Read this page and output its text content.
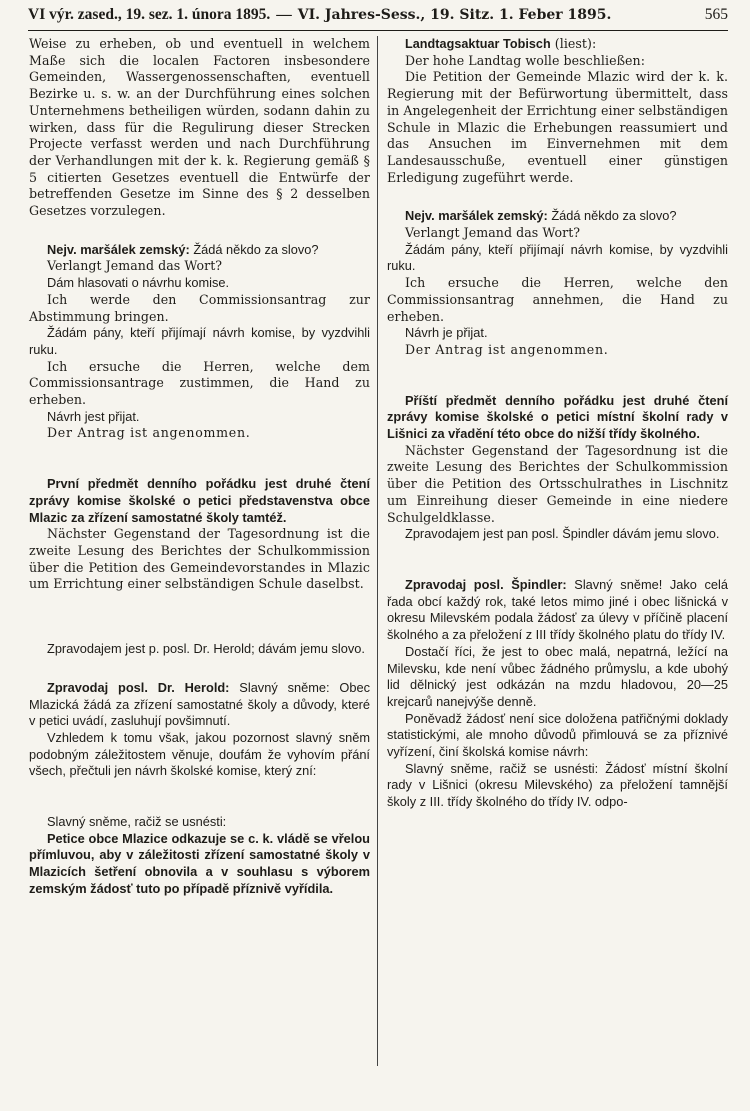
VI výr. zased., 19. sez. 1. února 1895. — VI. Jahres-Sess., 19. Sitz. 1. Feber 1895.	565

Weise zu erheben, ob und eventuell in welchem Maße sich die localen Factoren insbesondere Gemeinden, Wassergenossenschaften, eventuell Bezirke u. s. w. an der Durchführung eines solchen Unternehmens betheiligen würden, sodann dahin zu wirken, dass für die Regulirung dieser Strecken Projecte verfasst werden und nach Durchführung der Verhandlungen mit der k. k. Regierung gemäß § 5 citierten Gesetzes eventuell die Entwürfe der betreffenden Gesetze im Sinne des § 2 desselben Gesetzes vorzulegen.

Nejv. maršálek zemský: Žádá někdo za slovo?

Verlangt Jemand das Wort?

Dám hlasovati o návrhu komise.

Ich werde den Commissionsantrag zur Abstimmung bringen.

Žádám pány, kteří přijímají návrh komise, by vyzdvihli ruku.

Ich ersuche die Herren, welche dem Commissionsantrage zustimmen, die Hand zu erheben.

Návrh jest přijat.

Der Antrag ist angenommen.

První předmět denního pořádku jest druhé čtení zprávy komise školské o petici představenstva obce Mlazic za zřízení samostatné školy tamtéž.

Nächster Gegenstand der Tagesordnung ist die zweite Lesung des Berichtes der Schulkommission über die Petition des Gemeindevorstandes in Mlazic um Errichtung einer selbständigen Schule daselbst.

Zpravodajem jest p. posl. Dr. Herold; dávám jemu slovo.

Zpravodaj posl. Dr. Herold: Slavný sněme: Obec Mlazická žádá za zřízení samostatné školy a důvody, které v petici uvádí, zasluhují povšimnutí.

Vzhledem k tomu však, jakou pozornost slavný sněm podobným záležitostem věnuje, doufám že vyhovím přání všech, přečtuli jen návrh školské komise, který zní:

Slavný sněme, račiž se usnésti:

Petice obce Mlazice odkazuje se c. k. vládě se vřelou přímluvou, aby v záležitosti zřízení samostatné školy v Mlazicích šetření obnovila a v souhlasu s výborem zemským žádosť tuto po případě příznivě vyřídila.

Landtagsaktuar Tobisch (liest):

Der hohe Landtag wolle beschließen:

Die Petition der Gemeinde Mlazic wird der k. k. Regierung mit der Befürwortung übermittelt, dass in Angelegenheit der Errichtung einer selbständigen Schule in Mlazic die Erhebungen reassumiert und das Ansuchen im Einvernehmen mit dem Landesausschuße, eventuell einer günstigen Erledigung zugeführt werde.

Nejv. maršálek zemský: Žádá někdo za slovo?

Verlangt Jemand das Wort?

Žádám pány, kteří přijímají návrh komise, by vyzdvihli ruku.

Ich ersuche die Herren, welche den Commissionsantrag annehmen, die Hand zu erheben.

Návrh je přijat.

Der Antrag ist angenommen.

Příští předmět denního pořádku jest druhé čtení zprávy komise školské o petici místní školní rady v Lišnici za vřadění této obce do nižší třídy školného.

Nächster Gegenstand der Tagesordnung ist die zweite Lesung des Berichtes der Schulkommission über die Petition des Ortsschulrathes in Lischnitz um Einreihung dieser Gemeinde in eine niedere Schulgeldklasse.

Zpravodajem jest pan posl. Špindler dávám jemu slovo.

Zpravodaj posl. Špindler: Slavný sněme! Jako celá řada obcí každý rok, také letos mimo jiné i obec lišnická v okresu Milevském podala žádosť za úlevy v příčině placení školného a za přeložení z III třídy školného platu do třídy IV.

Dostačí říci, že jest to obec malá, nepatrná, ležící na Milevsku, kde není vůbec žádného průmyslu, a kde ubohý lid dělnický jest odkázán na mzdu hladovou, 20—25 krejcarů nanejvýše denně.

Poněvadž žádosť není sice doložena patřičnými doklady statistickými, ale mnoho důvodů přimlouvá se za příznivé vyřízení, činí školská komise návrh:

Slavný sněme, račiž se usnésti: Žádosť místní školní rady v Lišnici (okresu Milevského) za přeložení tamnější školy z III. třídy školného do třídy IV. odpo-
